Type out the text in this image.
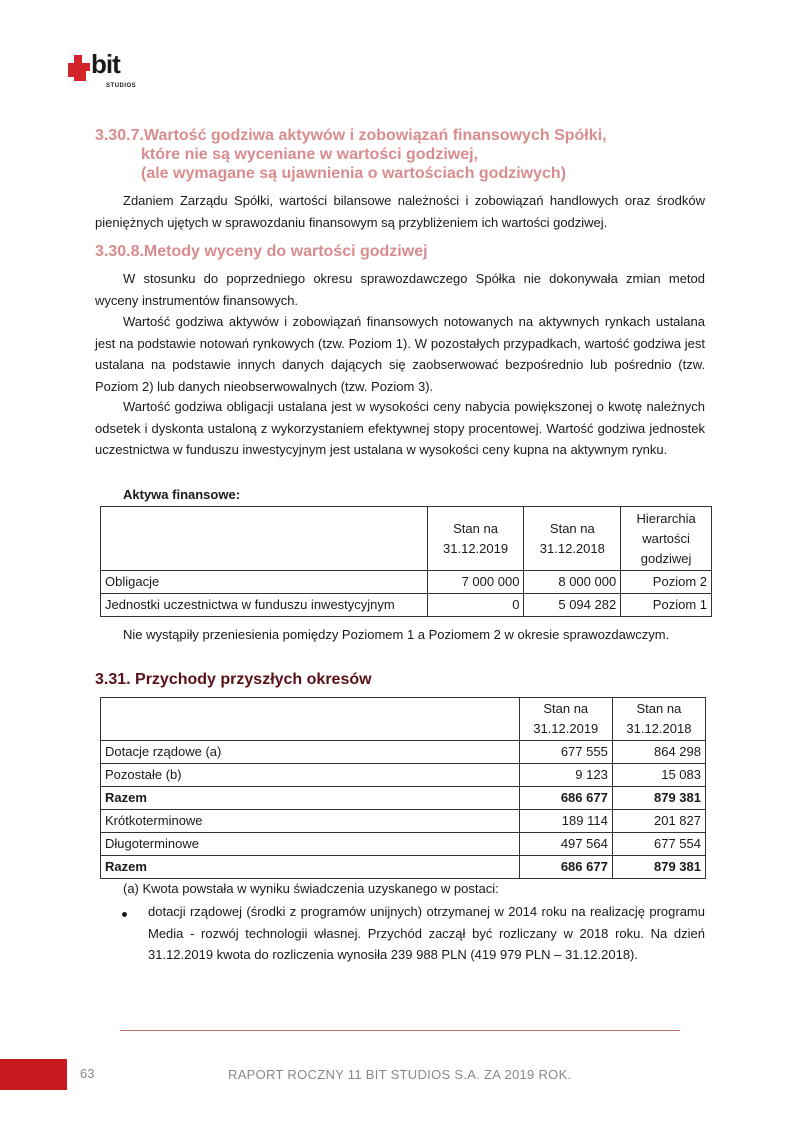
bit
STUDIOS

3.30.7.Wartość godziwa aktywów i zobowiązań finansowych Spółki,

które nie są wyceniane w wartości godziwej,

(ale wymagane są ujawnienia o wartościach godziwych)

Zdaniem Zarządu Spółki, wartości bilansowe należności i zobowiązań handlowych oraz środków pieniężnych ujętych w sprawozdaniu finansowym są przybliżeniem ich wartości godziwej.

3.30.8.Metody wyceny do wartości godziwej

W stosunku do poprzedniego okresu sprawozdawczego Spółka nie dokonywała zmian metod wyceny instrumentów finansowych.

Wartość godziwa aktywów i zobowiązań finansowych notowanych na aktywnych rynkach ustalana jest na podstawie notowań rynkowych (tzw. Poziom 1). W pozostałych przypadkach, wartość godziwa jest ustalana na podstawie innych danych dających się zaobserwować bezpośrednio lub pośrednio (tzw. Poziom 2) lub danych nieobserwowalnych (tzw. Poziom 3).

Wartość godziwa obligacji ustalana jest w wysokości ceny nabycia powiększonej o kwotę należnych odsetek i dyskonta ustaloną z wykorzystaniem efektywnej stopy procentowej. Wartość godziwa jednostek uczestnictwa w funduszu inwestycyjnym jest ustalana w wysokości ceny kupna na aktywnym rynku.

Aktywa finansowe:

	Stan na
31.12.2019	Stan na
31.12.2018	Hierarchia
wartości
godziwej
Obligacje	7 000 000	8 000 000	Poziom 2
Jednostki uczestnictwa w funduszu inwestycyjnym	0	5 094 282	Poziom 1

Nie wystąpiły przeniesienia pomiędzy Poziomem 1 a Poziomem 2 w okresie sprawozdawczym.

3.31. Przychody przyszłych okresów

	Stan na
31.12.2019	Stan na
31.12.2018
Dotacje rządowe (a)	677 555	864 298
Pozostałe (b)	9 123	15 083
Razem	686 677	879 381
Krótkoterminowe	189 114	201 827
Długoterminowe	497 564	677 554
Razem	686 677	879 381

(a) Kwota powstała w wyniku świadczenia uzyskanego w postaci:

dotacji rządowej (środki z programów unijnych) otrzymanej w 2014 roku na realizację programu Media - rozwój technologii własnej. Przychód zaczął być rozliczany w 2018 roku. Na dzień 31.12.2019 kwota do rozliczenia wynosiła 239 988 PLN (419 979 PLN – 31.12.2018).

63	RAPORT ROCZNY 11 BIT STUDIOS S.A. ZA 2019 ROK.
